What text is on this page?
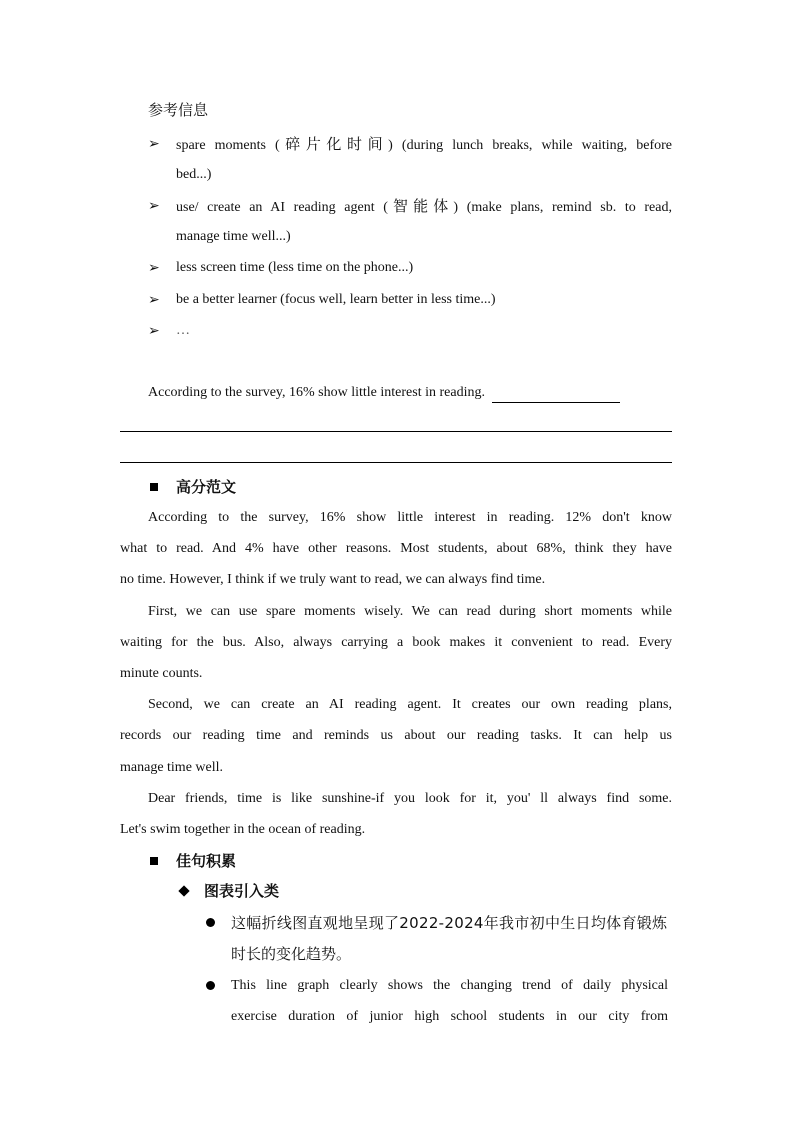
参考信息
➢ spare moments (碎片化时间) (during lunch breaks, while waiting, before
bed...)
➢ use/ create an AI reading agent (智能体) (make plans, remind sb. to read,
manage time well...)
➢ less screen time (less time on the phone...)
➢ be a better learner (focus well, learn better in less time...)
➢ …
According to the survey, 16% show little interest in reading.
高分范文
According to the survey, 16% show little interest in reading. 12% don't know
what to read. And 4% have other reasons. Most students, about 68%, think they have
no time. However, I think if we truly want to read, we can always find time.
First, we can use spare moments wisely. We can read during short moments while
waiting for the bus. Also, always carrying a book makes it convenient to read. Every
minute counts.
Second, we can create an AI reading agent. It creates our own reading plans,
records our reading time and reminds us about our reading tasks. It can help us
manage time well.
Dear friends, time is like sunshine-if you look for it, you' ll always find some.
Let's swim together in the ocean of reading.
佳句积累
图表引入类
这幅折线图直观地呈现了2022-2024年我市初中生日均体育锻炼
时长的变化趋势。
This line graph clearly shows the changing trend of daily physical
exercise duration of junior high school students in our city from
